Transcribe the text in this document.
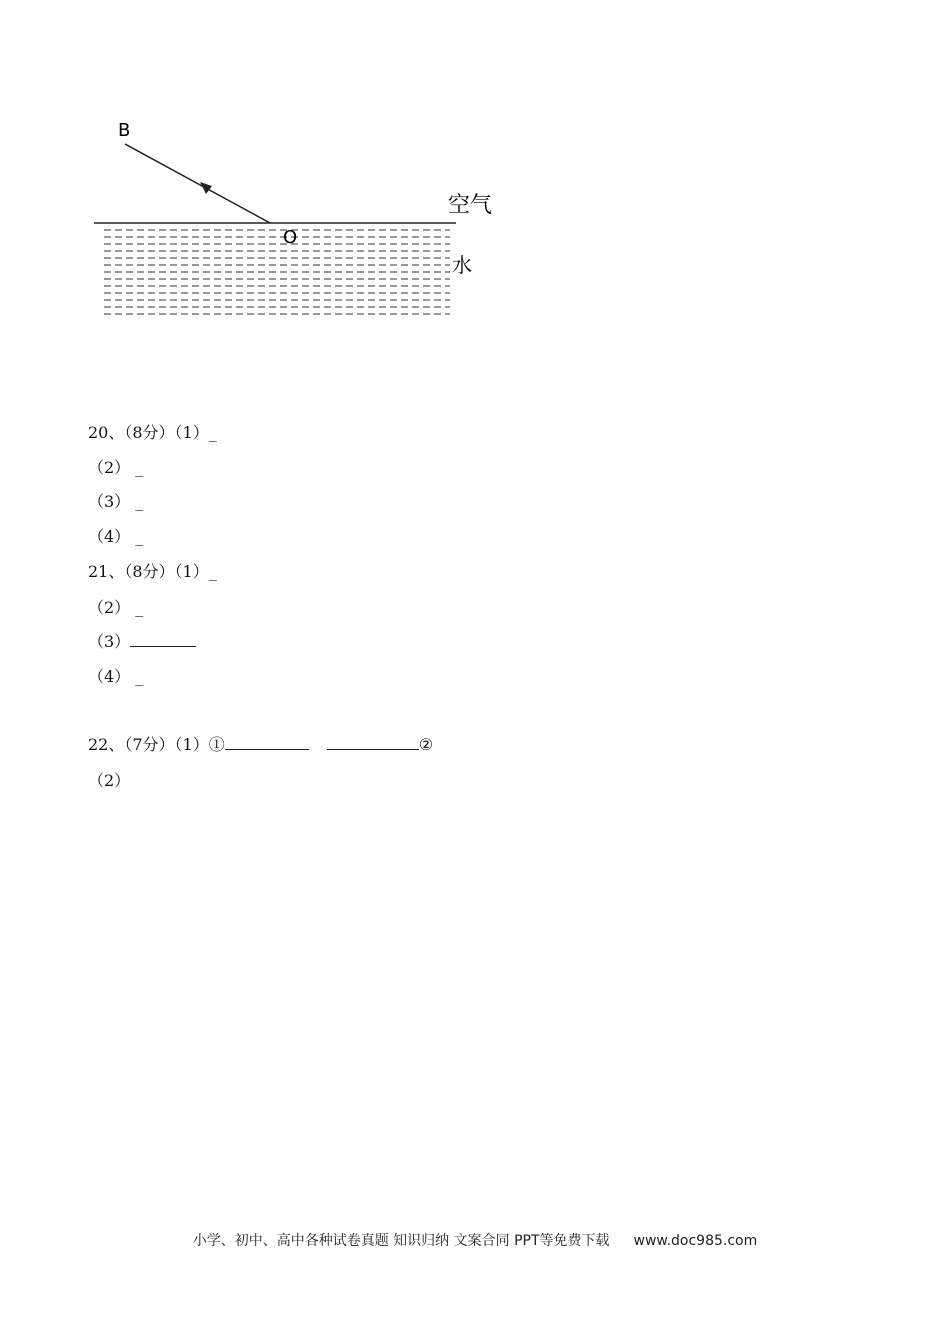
B
O
空气
水
20、（8分）（1）_
（2） _
（3） _
（4） _
21、（8分）（1）_
（2） _
（3）
（4） _
22、（7分）（1）①	②
（2）
小学、初中、高中各种试卷真题 知识归纳 文案合同 PPT等免费下载 www.doc985.com
